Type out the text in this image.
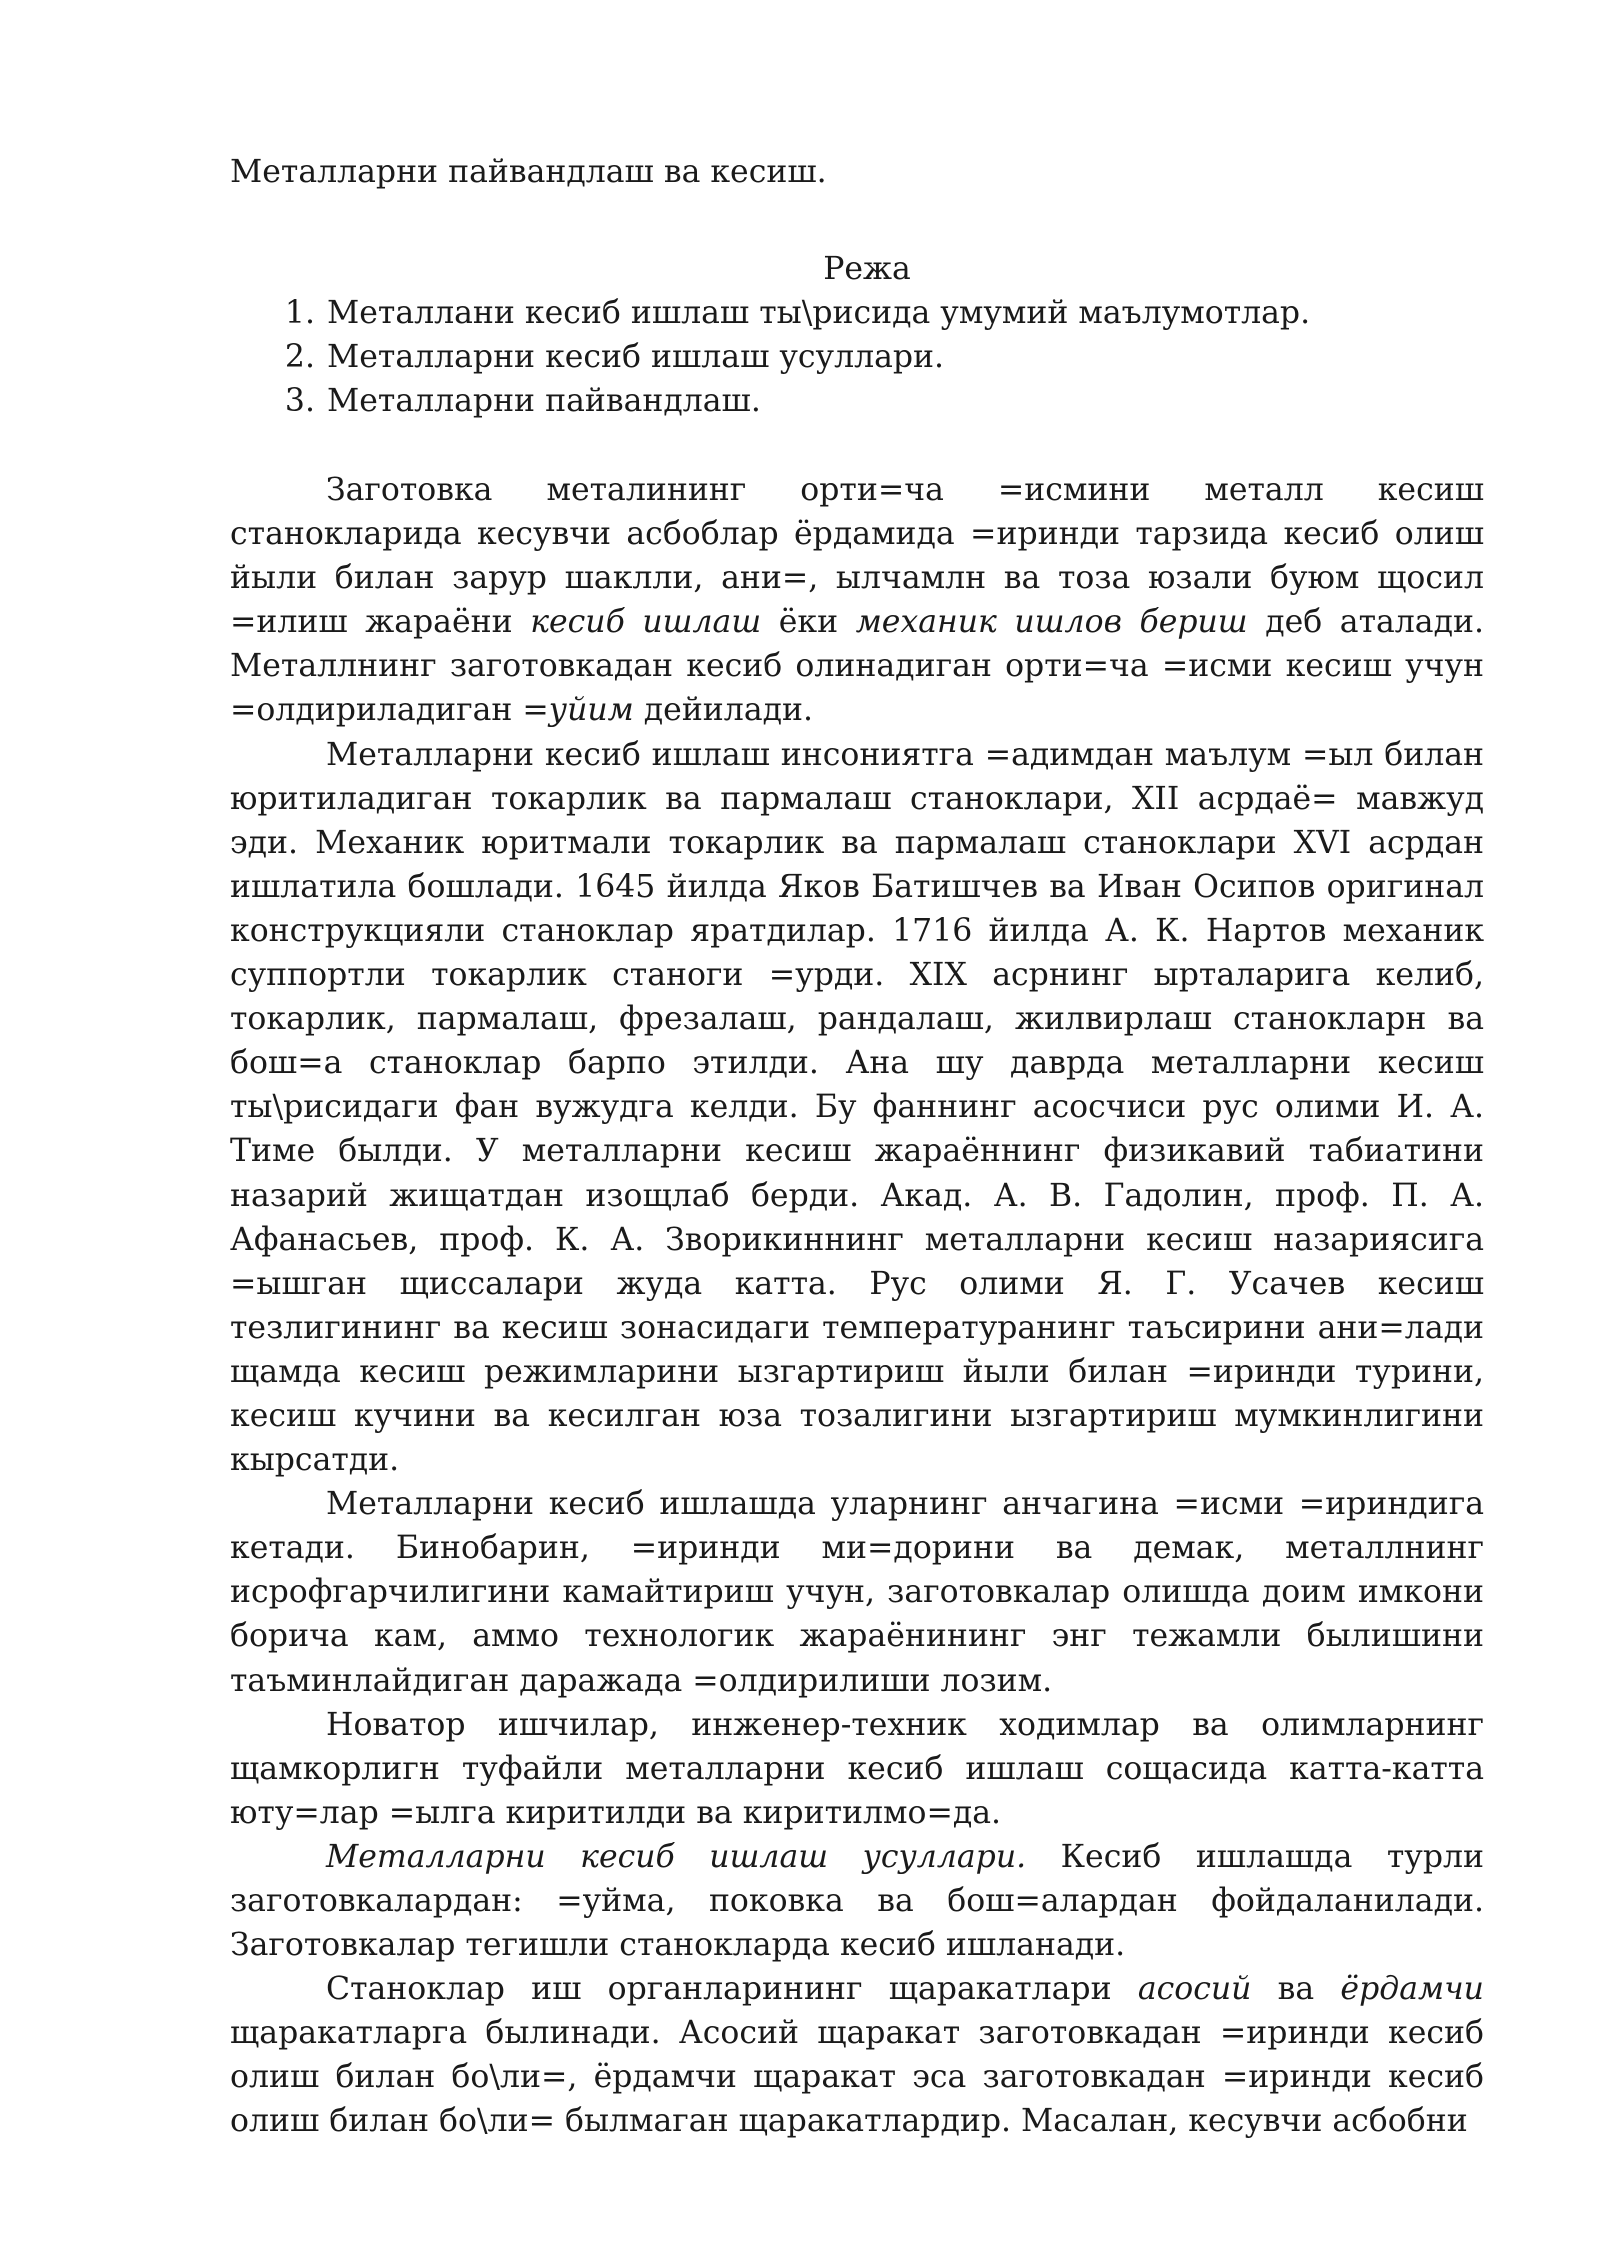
Металларни пайвандлаш ва кесиш.

Режа

1. Металлани кесиб ишлаш ты\рисида умумий маълумотлар.
2. Металларни кесиб ишлаш усуллари.
3. Металларни пайвандлаш.

Заготовка металининг орти=ча =исмини металл кесиш станокларида кесувчи асбоблар ёрдамида =иринди тарзида кесиб олиш йыли билан зарур шаклли, ани=, ылчамлн ва тоза юзали буюм щосил =илиш жараёни кесиб ишлаш ёки механик ишлов бериш деб аталади. Металлнинг заготовкадан кесиб олинадиган орти=ча =исми кесиш учун =олдириладиган =уйим дейилади.

Металларни кесиб ишлаш инсониятга =адимдан маълум =ыл билан юритиладиган токарлик ва пармалаш станоклари, XII асрдаё= мавжуд эди. Механик юритмали токарлик ва пармалаш станоклари XVI асрдан ишлатила бошлади. 1645 йилда Яков Батишчев ва Иван Осипов оригинал конструкцияли станоклар яратдилар. 1716 йилда А. К. Нартов механик суппортли токарлик станоги =урди. XIX асрнинг ырталарига келиб, токарлик, пармалаш, фрезалаш, рандалаш, жилвирлаш станокларн ва бош=а станоклар барпо этилди. Ана шу даврда металларни кесиш ты\рисидаги фан вужудга келди. Бу фаннинг асосчиси рус олими И. А. Тиме былди. У металларни кесиш жараённинг физикавий табиатини назарий жищатдан изощлаб берди. Акад. А. В. Гадолин, проф. П. А. Афанасьев, проф. К. А. Зворикиннинг металларни кесиш назариясига =ышган щиссалари жуда катта. Рус олими Я. Г. Усачев кесиш тезлигининг ва кесиш зонасидаги температуранинг таъсирини ани=лади щамда кесиш режимларини ызгартириш йыли билан =иринди турини, кесиш кучини ва кесилган юза тозалигини ызгартириш мумкинлигини кырсатди.

Металларни кесиб ишлашда уларнинг анчагина =исми =ириндига кетади. Бинобарин, =иринди ми=дорини ва демак, металлнинг исрофгарчилигини камайтириш учун, заготовкалар олишда доим имкони борича кам, аммо технологик жараёнининг энг тежамли былишини таъминлайдиган даражада =олдирилиши лозим.

Новатор ишчилар, инженер-техник ходимлар ва олимларнинг щамкорлигн туфайли металларни кесиб ишлаш сощасида катта-катта юту=лар =ылга киритилди ва киритилмо=да.

Металларни кесиб ишлаш усуллари. Кесиб ишлашда турли заготовкалардан: =уйма, поковка ва бош=алардан фойдаланилади. Заготовкалар тегишли станокларда кесиб ишланади.

Станоклар иш органларининг щаракатлари асосий ва ёрдамчи щаракатларга былинади. Асосий щаракат заготовкадан =иринди кесиб олиш билан бо\ли=, ёрдамчи щаракат эса заготовкадан =иринди кесиб олиш билан бо\ли= былмаган щаракатлардир. Масалан, кесувчи асбобни
